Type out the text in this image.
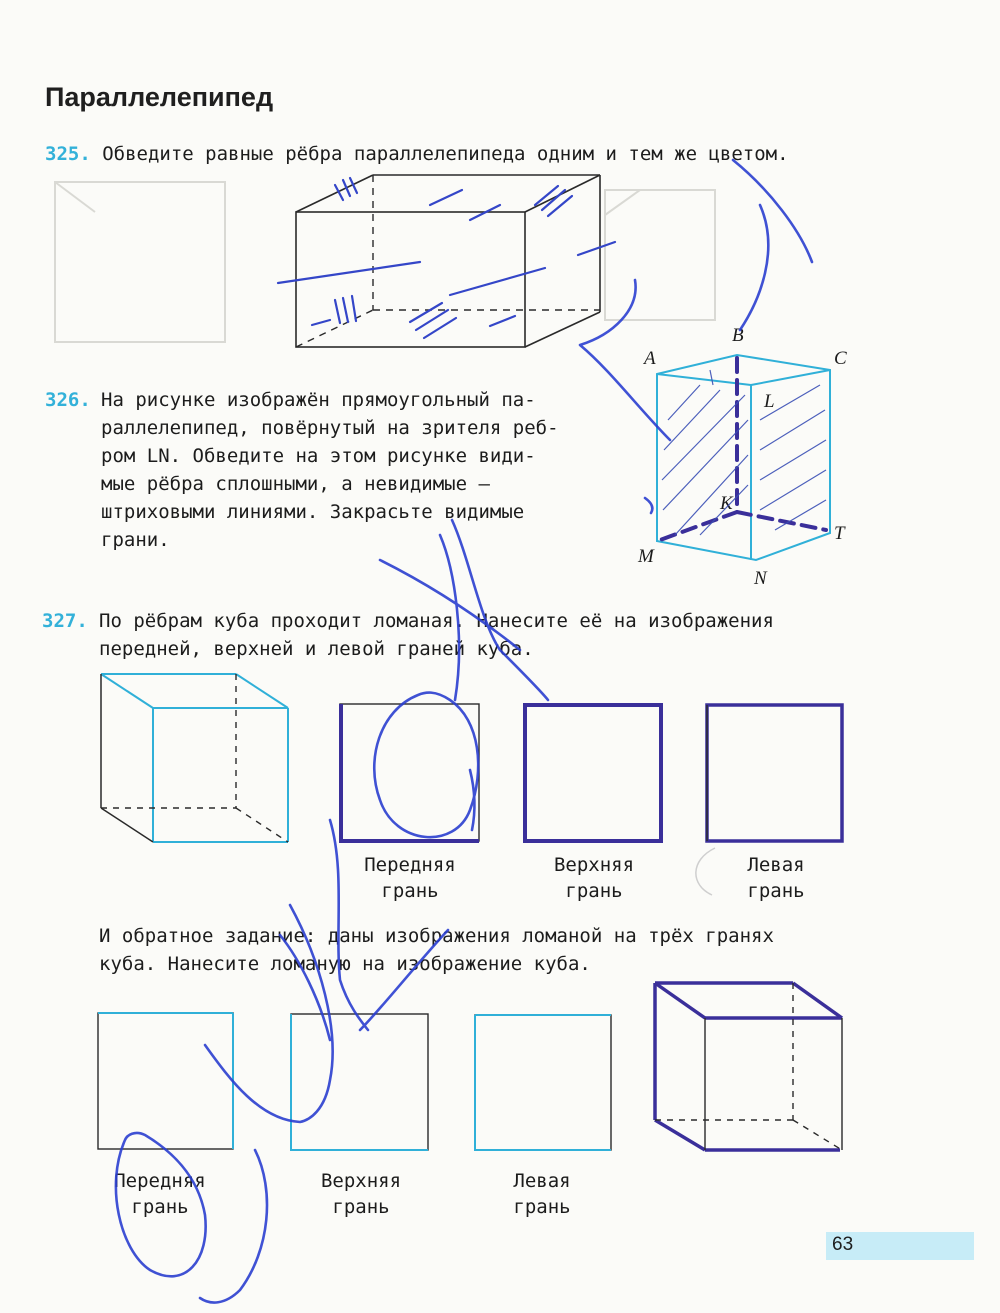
Параллелепипед
325. Обведите равные рёбра параллелепипеда одним и тем же цветом.
326. На рисунке изображён прямоугольный па-
раллелепипед, повёрнутый на зрителя реб-
ром LN. Обведите на этом рисунке види-
мые рёбра сплошными, а невидимые —
штриховыми линиями. Закрасьте видимые
грани.
327. По рёбрам куба проходит ломаная. Нанесите её на изображения
передней, верхней и левой граней куба.
И обратное задание: даны изображения ломаной на трёх гранях
куба. Нанесите ломаную на изображение куба.
Передняя
грань
Верхняя
грань
Левая
грань
Передняя
грань
Верхняя
грань
Левая
грань
A
B
C
L
K
T
M
N
63
